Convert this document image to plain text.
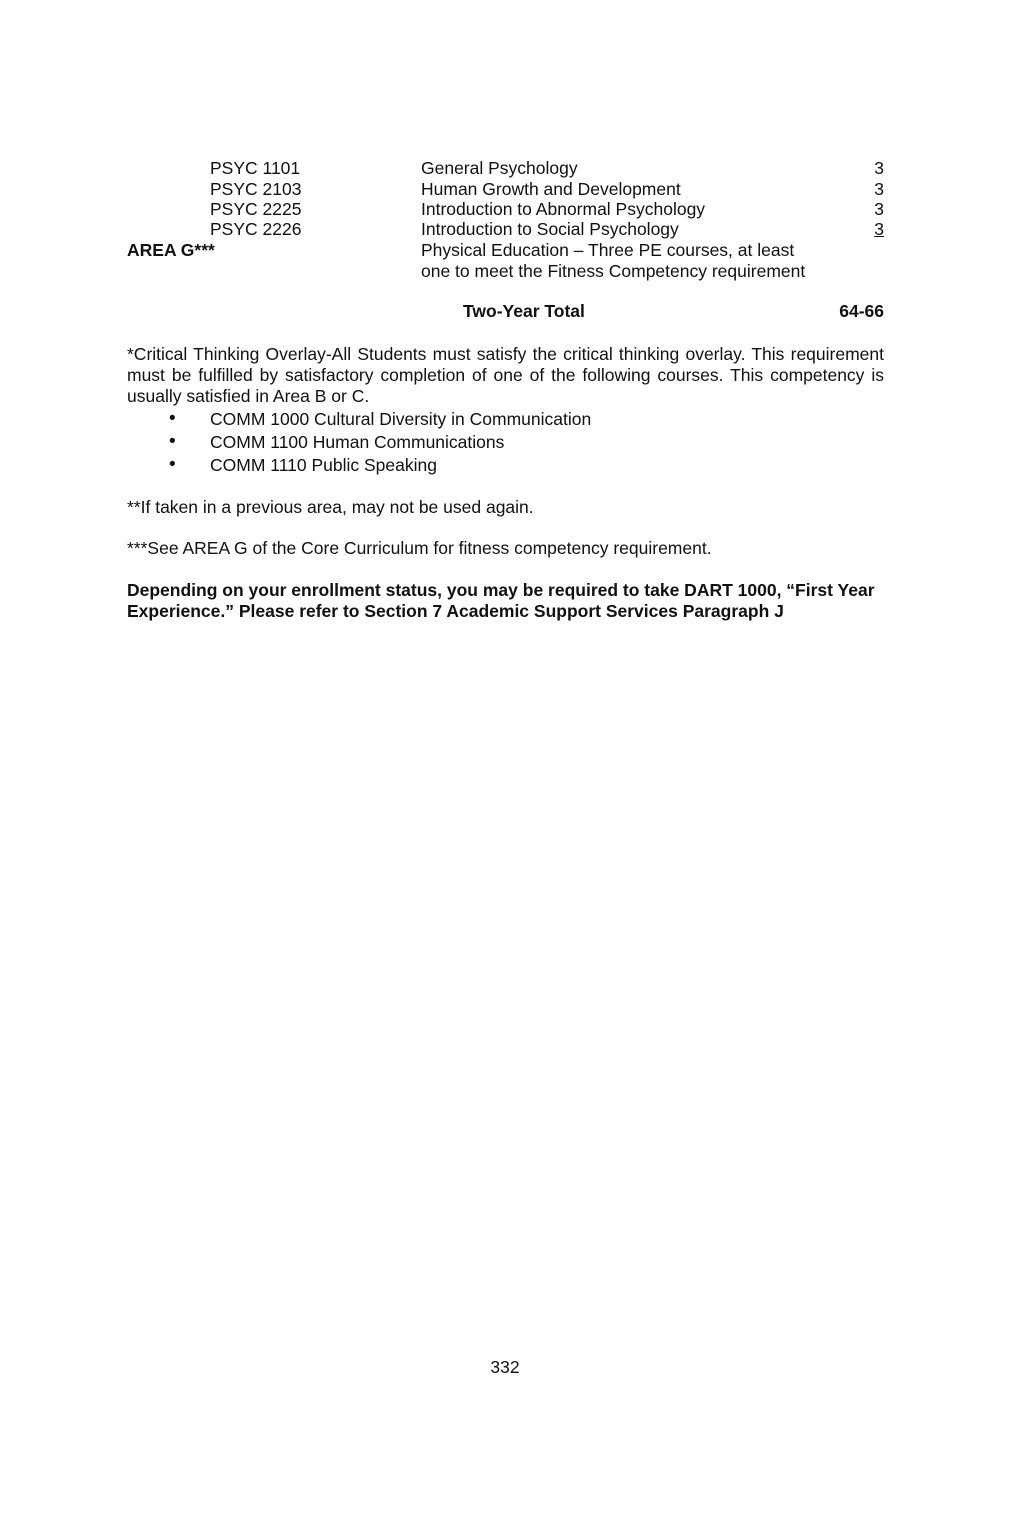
PSYC 1101	General Psychology	3
PSYC 2103	Human Growth and Development	3
PSYC 2225	Introduction to Abnormal Psychology	3
PSYC 2226	Introduction to Social Psychology	3
AREA G***	Physical Education – Three PE courses, at least
one to meet the Fitness Competency requirement
Two-Year Total	64-66
*Critical Thinking Overlay-All Students must satisfy the critical thinking overlay. This requirement must be fulfilled by satisfactory completion of one of the following courses. This competency is usually satisfied in Area B or C.
• COMM 1000 Cultural Diversity in Communication
• COMM 1100 Human Communications
• COMM 1110 Public Speaking
**If taken in a previous area, may not be used again.
***See AREA G of the Core Curriculum for fitness competency requirement.
Depending on your enrollment status, you may be required to take DART 1000, “First Year Experience.” Please refer to Section 7 Academic Support Services Paragraph J
332
